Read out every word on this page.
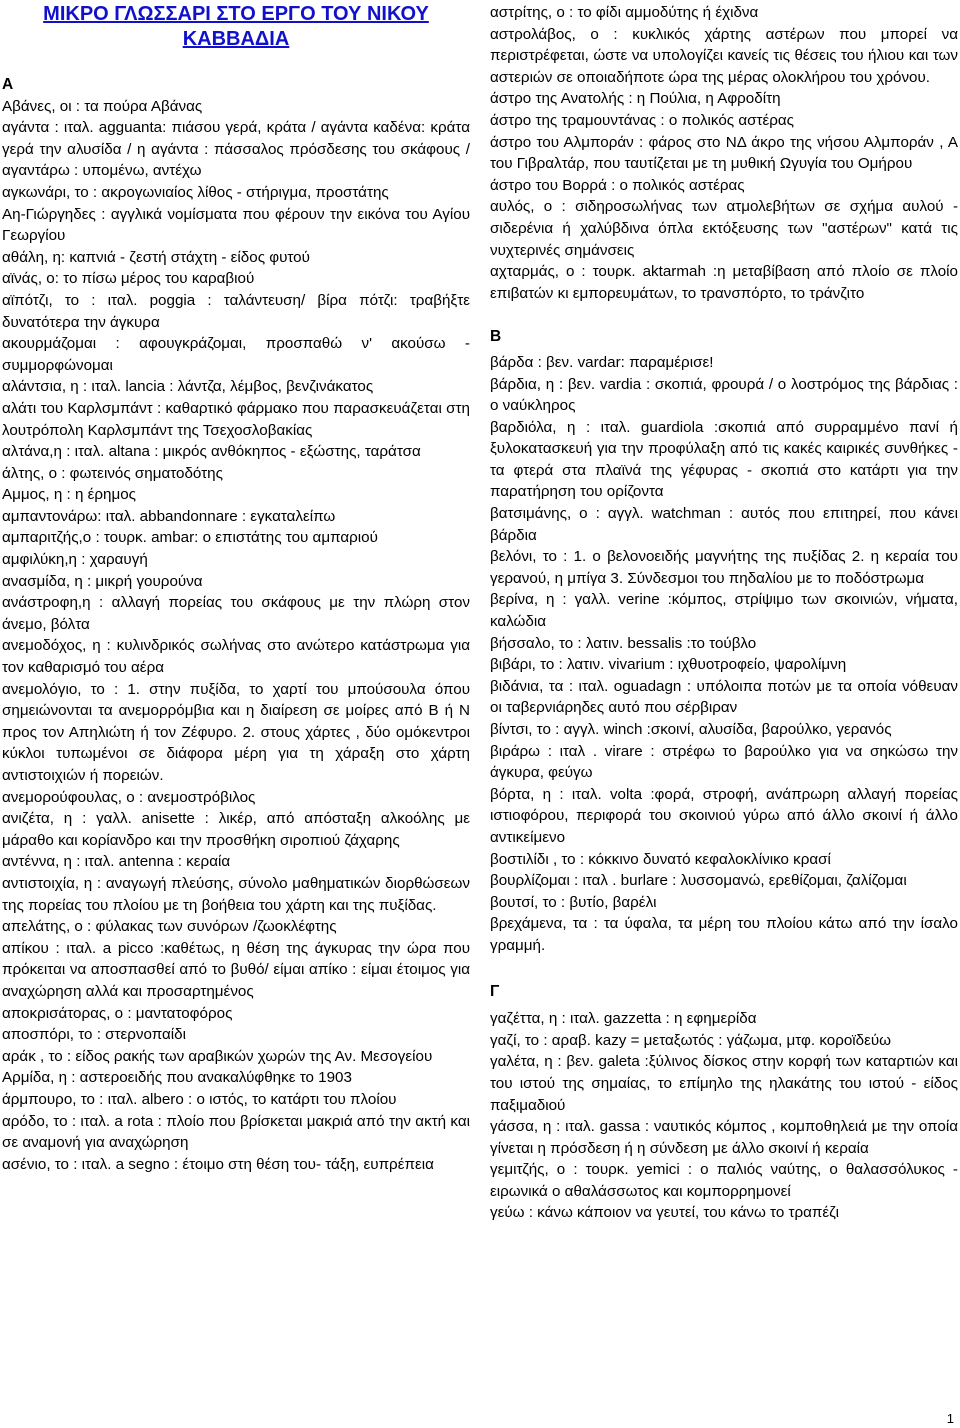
ΜΙΚΡΟ ΓΛΩΣΣΑΡΙ ΣΤΟ ΕΡΓΟ ΤΟΥ ΝΙΚΟΥ ΚΑΒΒΑΔΙΑ

Α

Αβάνες, οι : τα πούρα Αβάνας

αγάντα : ιταλ. agguanta: πιάσου γερά, κράτα / αγάντα καδένα: κράτα γερά την αλυσίδα / η αγάντα : πάσσαλος πρόσδεσης του σκάφους /αγαντάρω : υπομένω, αντέχω

αγκωνάρι, το : ακρογωνιαίος λίθος - στήριγμα, προστάτης

Αη-Γιώργηδες : αγγλικά νομίσματα που φέρουν την εικόνα του Αγίου Γεωργίου

αθάλη, η: καπνιά - ζεστή στάχτη - είδος φυτού

αϊνάς, ο: το πίσω μέρος του καραβιού

αϊπότζι, το : ιταλ. poggia : ταλάντευση/ βίρα πότζι: τραβήξτε δυνατότερα την άγκυρα

ακουρμάζομαι : αφουγκράζομαι, προσπαθώ ν' ακούσω - συμμορφώνομαι

αλάντσια, η : ιταλ. lancia : λάντζα, λέμβος, βενζινάκατος

αλάτι του Καρλσμπάντ : καθαρτικό φάρμακο που παρασκευάζεται στη λουτρόπολη Καρλσμπάντ της Τσεχοσλοβακίας

αλτάνα,η : ιταλ. altana : μικρός ανθόκηπος - εξώστης, ταράτσα

άλτης, ο : φωτεινός σηματοδότης

Αμμος, η : η έρημος

αμπαντονάρω: ιταλ. abbandonnare : εγκαταλείπω

αμπαριτζής,ο : τουρκ. ambar: ο επιστάτης του αμπαριού

αμφιλύκη,η : χαραυγή

ανασμίδα, η : μικρή γουρούνα

ανάστροφη,η : αλλαγή πορείας του σκάφους με την πλώρη στον άνεμο, βόλτα

ανεμοδόχος, η : κυλινδρικός σωλήνας στο ανώτερο κατάστρωμα για τον καθαρισμό του αέρα

ανεμολόγιο, το : 1. στην πυξίδα, το χαρτί του μπούσουλα όπου σημειώνονται τα ανεμορρόμβια και η διαίρεση σε μοίρες από Β ή Ν προς τον Απηλιώτη ή τον Ζέφυρο. 2. στους χάρτες , δύο ομόκεντροι κύκλοι τυπωμένοι σε διάφορα μέρη για τη χάραξη στο χάρτη αντιστοιχιών ή πορειών.

ανεμορούφουλας, ο : ανεμοστρόβιλος

ανιζέτα, η : γαλλ. anisette : λικέρ, από απόσταξη αλκοόλης με μάραθο και κορίανδρο και την προσθήκη σιροπιού ζάχαρης

αντέννα, η : ιταλ. antenna : κεραία

αντιστοιχία, η : αναγωγή πλεύσης, σύνολο μαθηματικών διορθώσεων της πορείας του πλοίου με τη βοήθεια του χάρτη και της πυξίδας.

απελάτης, ο : φύλακας των συνόρων /ζωοκλέφτης

απίκου : ιταλ. a picco :καθέτως, η θέση της άγκυρας την ώρα που πρόκειται να αποσπασθεί από το βυθό/ είμαι απίκο : είμαι έτοιμος για αναχώρηση αλλά και προσαρτημένος

αποκρισάτορας, ο : μαντατοφόρος

αποσπόρι, το : στερνοπαίδι

αράκ , το : είδος ρακής των αραβικών χωρών της Αν. Μεσογείου

Αρμίδα, η : αστεροειδής που ανακαλύφθηκε το 1903

άρμπουρο, το : ιταλ. albero : ο ιστός, το κατάρτι του πλοίου

αρόδο, το : ιταλ. a rota : πλοίο που βρίσκεται μακριά από την ακτή και σε αναμονή για αναχώρηση

ασένιο, το : ιταλ. a segno : έτοιμο στη θέση του- τάξη, ευπρέπεια

αστρίτης, ο : το φίδι αμμοδύτης ή έχιδνα

αστρολάβος, ο : κυκλικός χάρτης αστέρων που μπορεί να περιστρέφεται, ώστε να υπολογίζει κανείς τις θέσεις του ήλιου και των αστεριών σε οποιαδήποτε ώρα της μέρας ολοκλήρου του χρόνου.

άστρο της Ανατολής : η Πούλια, η Αφροδίτη

άστρο της τραμουντάνας : ο πολικός αστέρας

άστρο του Αλμποράν : φάρος στο ΝΔ άκρο της νήσου Αλμποράν , Α του Γιβραλτάρ, που ταυτίζεται με τη μυθική Ωγυγία του Ομήρου

άστρο του Βορρά : ο πολικός αστέρας

αυλός, ο : σιδηροσωλήνας των ατμολεβήτων σε σχήμα αυλού - σιδερένια ή χαλύβδινα όπλα εκτόξευσης των "αστέρων" κατά τις νυχτερινές σημάνσεις

αχταρμάς, ο : τουρκ. aktarmah :η μεταβίβαση από πλοίο σε πλοίο επιβατών κι εμπορευμάτων, το τρανσπόρτο, το τράνζιτο

Β

βάρδα : βεν. vardar: παραμέρισε!

βάρδια, η : βεν. vardia : σκοπιά, φρουρά / ο λοστρόμος της βάρδιας : ο ναύκληρος

βαρδιόλα, η : ιταλ. guardiola :σκοπιά από συρραμμένο πανί ή ξυλοκατασκευή για την προφύλαξη από τις κακές καιρικές συνθήκες - τα φτερά στα πλαϊνά της γέφυρας - σκοπιά στο κατάρτι για την παρατήρηση του ορίζοντα

βατσιμάνης, ο : αγγλ. watchman : αυτός που επιτηρεί, που κάνει βάρδια

βελόνι, το : 1. ο βελονοειδής μαγνήτης της πυξίδας 2. η κεραία του γερανού, η μπίγα 3. Σύνδεσμοι του πηδαλίου με το ποδόστρωμα

βερίνα, η : γαλλ. verine :κόμπος, στρίψιμο των σκοινιών, νήματα, καλώδια

βήσσαλο, το : λατιν. bessalis :το τούβλο

βιβάρι, το : λατιν. vivarium : ιχθυοτροφείο, ψαρολίμνη

βιδάνια, τα : ιταλ. oguadagn : υπόλοιπα ποτών με τα οποία νόθευαν οι ταβερνιάρηδες αυτό που σέρβιραν

βίντσι, το : αγγλ. winch :σκοινί, αλυσίδα, βαρούλκο, γερανός

βιράρω : ιταλ . virare : στρέφω το βαρούλκο για να σηκώσω την άγκυρα, φεύγω

βόρτα, η : ιταλ. volta :φορά, στροφή, ανάπρωρη αλλαγή πορείας ιστιοφόρου, περιφορά του σκοινιού γύρω από άλλο σκοινί ή άλλο αντικείμενο

βοστιλίδι , το : κόκκινο δυνατό κεφαλοκλίνικο κρασί

βουρλίζομαι : ιταλ . burlare : λυσσομανώ, ερεθίζομαι, ζαλίζομαι

βουτσί, το : βυτίο, βαρέλι

βρεχάμενα, τα : τα ύφαλα, τα μέρη του πλοίου κάτω από την ίσαλο γραμμή.

Γ

γαζέττα, η : ιταλ. gazzetta : η εφημερίδα

γαζί, το : αραβ. kazy = μεταξωτός : γάζωμα, μτφ. κοροϊδεύω

γαλέτα, η : βεν. galeta :ξύλινος δίσκος στην κορφή των καταρτιών και του ιστού της σημαίας, το επίμηλο της ηλακάτης του ιστού - είδος παξιμαδιού

γάσσα, η : ιταλ. gassa : ναυτικός κόμπος , κομποθηλειά με την οποία γίνεται η πρόσδεση ή η σύνδεση με άλλο σκοινί ή κεραία

γεμιτζής, ο : τουρκ. yemici : ο παλιός ναύτης, ο θαλασσόλυκος - ειρωνικά ο αθαλάσσωτος και κομπορρημονεί

γεύω : κάνω κάποιον να γευτεί, του κάνω το τραπέζι

1
